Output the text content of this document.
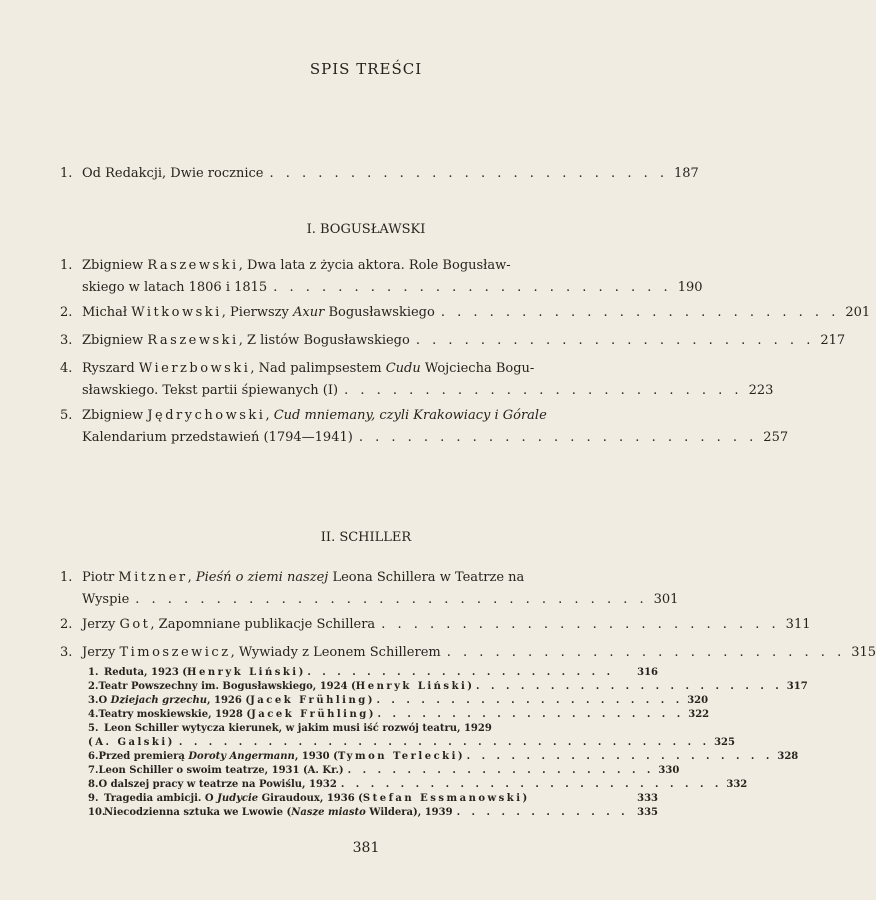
SPIS TREŚCI
1. Od Redakcji, Dwie rocznice . . . . . . . . . . . . . . . . . . . . . . . . . 187
I. BOGUSŁAWSKI
1. Zbigniew Raszewski, Dwa lata z życia aktora. Role Bogusław-
skiego w latach 1806 i 1815 . . . . . . . . . . . . . . . . . . . . . . . . . 190
2. Michał Witkowski, Pierwszy Axur Bogusławskiego . . . . . . . . . . . . . . . . . . . . . . . . . 201
3. Zbigniew Raszewski, Z listów Bogusławskiego . . . . . . . . . . . . . . . . . . . . . . . . . 217
4. Ryszard Wierzbowski, Nad palimpsestem Cudu Wojciecha Bogu-
sławskiego. Tekst partii śpiewanych (I) . . . . . . . . . . . . . . . . . . . . . . . . . 223
5. Zbigniew Jędrychowski, Cud mniemany, czyli Krakowiacy i Górale
Kalendarium przedstawień (1794—1941) . . . . . . . . . . . . . . . . . . . . . . . . . 257
II. SCHILLER
1. Piotr Mitzner, Pieśń o ziemi naszej Leona Schillera w Teatrze na
Wyspie . . . . . . . . . . . . . . . . . . . . . . . . . . . . . . . . 301
2. Jerzy Got, Zapomniane publikacje Schillera . . . . . . . . . . . . . . . . . . . . . . . . . 311
3. Jerzy Timoszewicz, Wywiady z Leonem Schillerem . . . . . . . . . . . . . . . . . . . . . . . . . 315
1. Reduta, 1923 (Henryk Liński) . . . . . . . . . . . . . . . . . . . . .	316
2. Teatr Powszechny im. Bogusławskiego, 1924 (Henryk Liński) . . . . . . . . . . . . . . . . . . . . . 317
3. O Dziejach grzechu, 1926 (Jacek Frühling) . . . . . . . . . . . . . . . . . . . . . 320
4. Teatry moskiewskie, 1928 (Jacek Frühling) . . . . . . . . . . . . . . . . . . . . . 322
5. Leon Schiller wytycza kierunek, w jakim musi iść rozwój teatru, 1929
(A. Galski) . . . . . . . . . . . . . . . . . . . . . . . . . . . . . . . . . . . . 325
6. Przed premierą Doroty Angermann, 1930 (Tymon Terlecki) . . . . . . . . . . . . . . . . . . . . . 328
7. Leon Schiller o swoim teatrze, 1931 (A. Kr.) . . . . . . . . . . . . . . . . . . . . . 330
8. O dalszej pracy w teatrze na Powiślu, 1932 . . . . . . . . . . . . . . . . . . . . . . . . . . 332
9. Tragedia ambicji. O Judycie Giraudoux, 1936 (Stefan Essmanowski)	333
10.
Niecodzienna sztuka we Lwowie (Nasze miasto Wildera), 1939 . . . . . . . . . . . . 335
381
